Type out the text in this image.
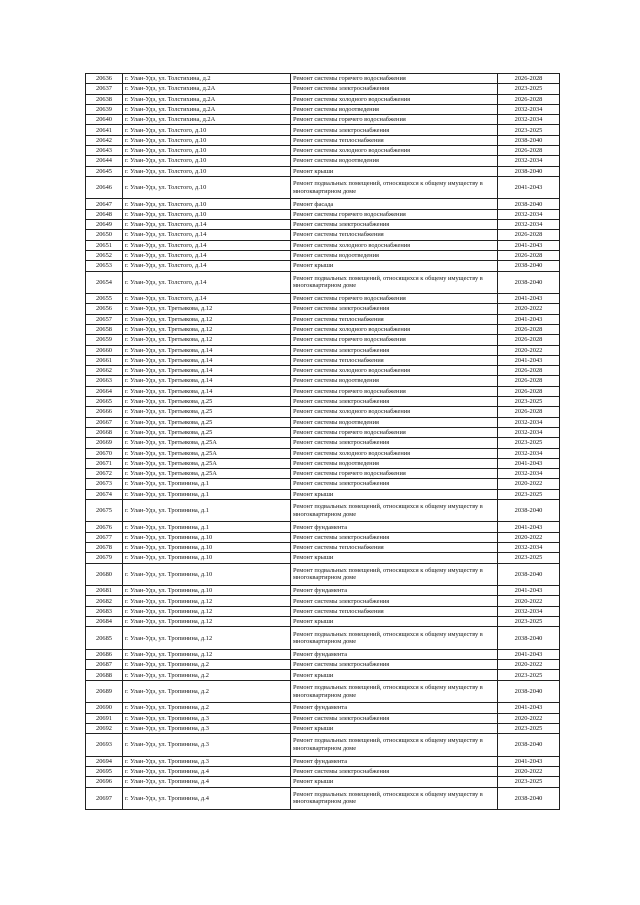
20636	г. Улан-Удэ, ул. Толстихина, д.2	Ремонт системы горячего водоснабжения	2026-2028
20637	г. Улан-Удэ, ул. Толстихина, д.2А	Ремонт системы электроснабжения	2023-2025
20638	г. Улан-Удэ, ул. Толстихина, д.2А	Ремонт системы холодного водоснабжения	2026-2028
20639	г. Улан-Удэ, ул. Толстихина, д.2А	Ремонт системы водоотведения	2032-2034
20640	г. Улан-Удэ, ул. Толстихина, д.2А	Ремонт системы горячего водоснабжения	2032-2034
20641	г. Улан-Удэ, ул. Толстого, д.10	Ремонт системы электроснабжения	2023-2025
20642	г. Улан-Удэ, ул. Толстого, д.10	Ремонт системы теплоснабжения	2038-2040
20643	г. Улан-Удэ, ул. Толстого, д.10	Ремонт системы холодного водоснабжения	2026-2028
20644	г. Улан-Удэ, ул. Толстого, д.10	Ремонт системы водоотведения	2032-2034
20645	г. Улан-Удэ, ул. Толстого, д.10	Ремонт крыши	2038-2040
20646	г. Улан-Удэ, ул. Толстого, д.10	Ремонт подвальных помещений, относящихся к общему имуществу в многоквартирном доме	2041-2043
20647	г. Улан-Удэ, ул. Толстого, д.10	Ремонт фасада	2038-2040
20648	г. Улан-Удэ, ул. Толстого, д.10	Ремонт системы горячего водоснабжения	2032-2034
20649	г. Улан-Удэ, ул. Толстого, д.14	Ремонт системы электроснабжения	2032-2034
20650	г. Улан-Удэ, ул. Толстого, д.14	Ремонт системы теплоснабжения	2026-2028
20651	г. Улан-Удэ, ул. Толстого, д.14	Ремонт системы холодного водоснабжения	2041-2043
20652	г. Улан-Удэ, ул. Толстого, д.14	Ремонт системы водоотведения	2026-2028
20653	г. Улан-Удэ, ул. Толстого, д.14	Ремонт крыши	2038-2040
20654	г. Улан-Удэ, ул. Толстого, д.14	Ремонт подвальных помещений, относящихся к общему имуществу в многоквартирном доме	2038-2040
20655	г. Улан-Удэ, ул. Толстого, д.14	Ремонт системы горячего водоснабжения	2041-2043
20656	г. Улан-Удэ, ул. Третьякова, д.12	Ремонт системы электроснабжения	2020-2022
20657	г. Улан-Удэ, ул. Третьякова, д.12	Ремонт системы теплоснабжения	2041-2043
20658	г. Улан-Удэ, ул. Третьякова, д.12	Ремонт системы холодного водоснабжения	2026-2028
20659	г. Улан-Удэ, ул. Третьякова, д.12	Ремонт системы горячего водоснабжения	2026-2028
20660	г. Улан-Удэ, ул. Третьякова, д.14	Ремонт системы электроснабжения	2020-2022
20661	г. Улан-Удэ, ул. Третьякова, д.14	Ремонт системы теплоснабжения	2041-2043
20662	г. Улан-Удэ, ул. Третьякова, д.14	Ремонт системы холодного водоснабжения	2026-2028
20663	г. Улан-Удэ, ул. Третьякова, д.14	Ремонт системы водоотведения	2026-2028
20664	г. Улан-Удэ, ул. Третьякова, д.14	Ремонт системы горячего водоснабжения	2026-2028
20665	г. Улан-Удэ, ул. Третьякова, д.25	Ремонт системы электроснабжения	2023-2025
20666	г. Улан-Удэ, ул. Третьякова, д.25	Ремонт системы холодного водоснабжения	2026-2028
20667	г. Улан-Удэ, ул. Третьякова, д.25	Ремонт системы водоотведения	2032-2034
20668	г. Улан-Удэ, ул. Третьякова, д.25	Ремонт системы горячего водоснабжения	2032-2034
20669	г. Улан-Удэ, ул. Третьякова, д.25А	Ремонт системы электроснабжения	2023-2025
20670	г. Улан-Удэ, ул. Третьякова, д.25А	Ремонт системы холодного водоснабжения	2032-2034
20671	г. Улан-Удэ, ул. Третьякова, д.25А	Ремонт системы водоотведения	2041-2043
20672	г. Улан-Удэ, ул. Третьякова, д.25А	Ремонт системы горячего водоснабжения	2032-2034
20673	г. Улан-Удэ, ул. Тропинина, д.1	Ремонт системы электроснабжения	2020-2022
20674	г. Улан-Удэ, ул. Тропинина, д.1	Ремонт крыши	2023-2025
20675	г. Улан-Удэ, ул. Тропинина, д.1	Ремонт подвальных помещений, относящихся к общему имуществу в многоквартирном доме	2038-2040
20676	г. Улан-Удэ, ул. Тропинина, д.1	Ремонт фундамента	2041-2043
20677	г. Улан-Удэ, ул. Тропинина, д.10	Ремонт системы электроснабжения	2020-2022
20678	г. Улан-Удэ, ул. Тропинина, д.10	Ремонт системы теплоснабжения	2032-2034
20679	г. Улан-Удэ, ул. Тропинина, д.10	Ремонт крыши	2023-2025
20680	г. Улан-Удэ, ул. Тропинина, д.10	Ремонт подвальных помещений, относящихся к общему имуществу в многоквартирном доме	2038-2040
20681	г. Улан-Удэ, ул. Тропинина, д.10	Ремонт фундамента	2041-2043
20682	г. Улан-Удэ, ул. Тропинина, д.12	Ремонт системы электроснабжения	2020-2022
20683	г. Улан-Удэ, ул. Тропинина, д.12	Ремонт системы теплоснабжения	2032-2034
20684	г. Улан-Удэ, ул. Тропинина, д.12	Ремонт крыши	2023-2025
20685	г. Улан-Удэ, ул. Тропинина, д.12	Ремонт подвальных помещений, относящихся к общему имуществу в многоквартирном доме	2038-2040
20686	г. Улан-Удэ, ул. Тропинина, д.12	Ремонт фундамента	2041-2043
20687	г. Улан-Удэ, ул. Тропинина, д.2	Ремонт системы электроснабжения	2020-2022
20688	г. Улан-Удэ, ул. Тропинина, д.2	Ремонт крыши	2023-2025
20689	г. Улан-Удэ, ул. Тропинина, д.2	Ремонт подвальных помещений, относящихся к общему имуществу в многоквартирном доме	2038-2040
20690	г. Улан-Удэ, ул. Тропинина, д.2	Ремонт фундамента	2041-2043
20691	г. Улан-Удэ, ул. Тропинина, д.3	Ремонт системы электроснабжения	2020-2022
20692	г. Улан-Удэ, ул. Тропинина, д.3	Ремонт крыши	2023-2025
20693	г. Улан-Удэ, ул. Тропинина, д.3	Ремонт подвальных помещений, относящихся к общему имуществу в многоквартирном доме	2038-2040
20694	г. Улан-Удэ, ул. Тропинина, д.3	Ремонт фундамента	2041-2043
20695	г. Улан-Удэ, ул. Тропинина, д.4	Ремонт системы электроснабжения	2020-2022
20696	г. Улан-Удэ, ул. Тропинина, д.4	Ремонт крыши	2023-2025
20697	г. Улан-Удэ, ул. Тропинина, д.4	Ремонт подвальных помещений, относящихся к общему имуществу в многоквартирном доме	2038-2040
